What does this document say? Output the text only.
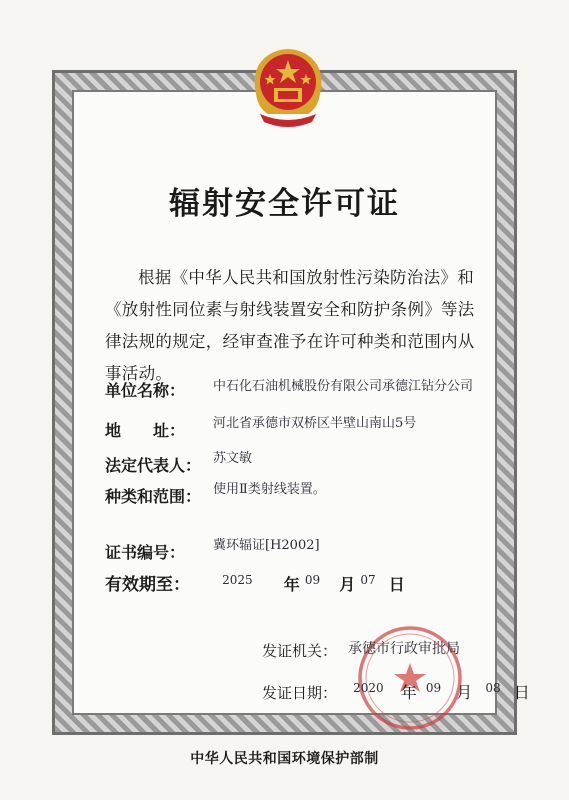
辐射安全许可证
根据《中华人民共和国放射性污染防治法》和《放射性同位素与射线装置安全和防护条例》等法律法规的规定，经审查准予在许可种类和范围内从事活动。
单位名称： 中石化石油机械股份有限公司承德江钻分公司
地　　址： 河北省承德市双桥区半壁山南山5号
法定代表人： 苏文敏
种类和范围： 使用Ⅱ类射线装置。
证书编号： 冀环辐证[H2002]
有效期至：	$^{2025}$ 年 $^{09}$ 月 $^{07}$ 日
发证机关： 承德市行政审批局
发证日期： $^{2020}$ 年 $^{09}$ 月 $^{08}$ 日
中华人民共和国环境保护部制
